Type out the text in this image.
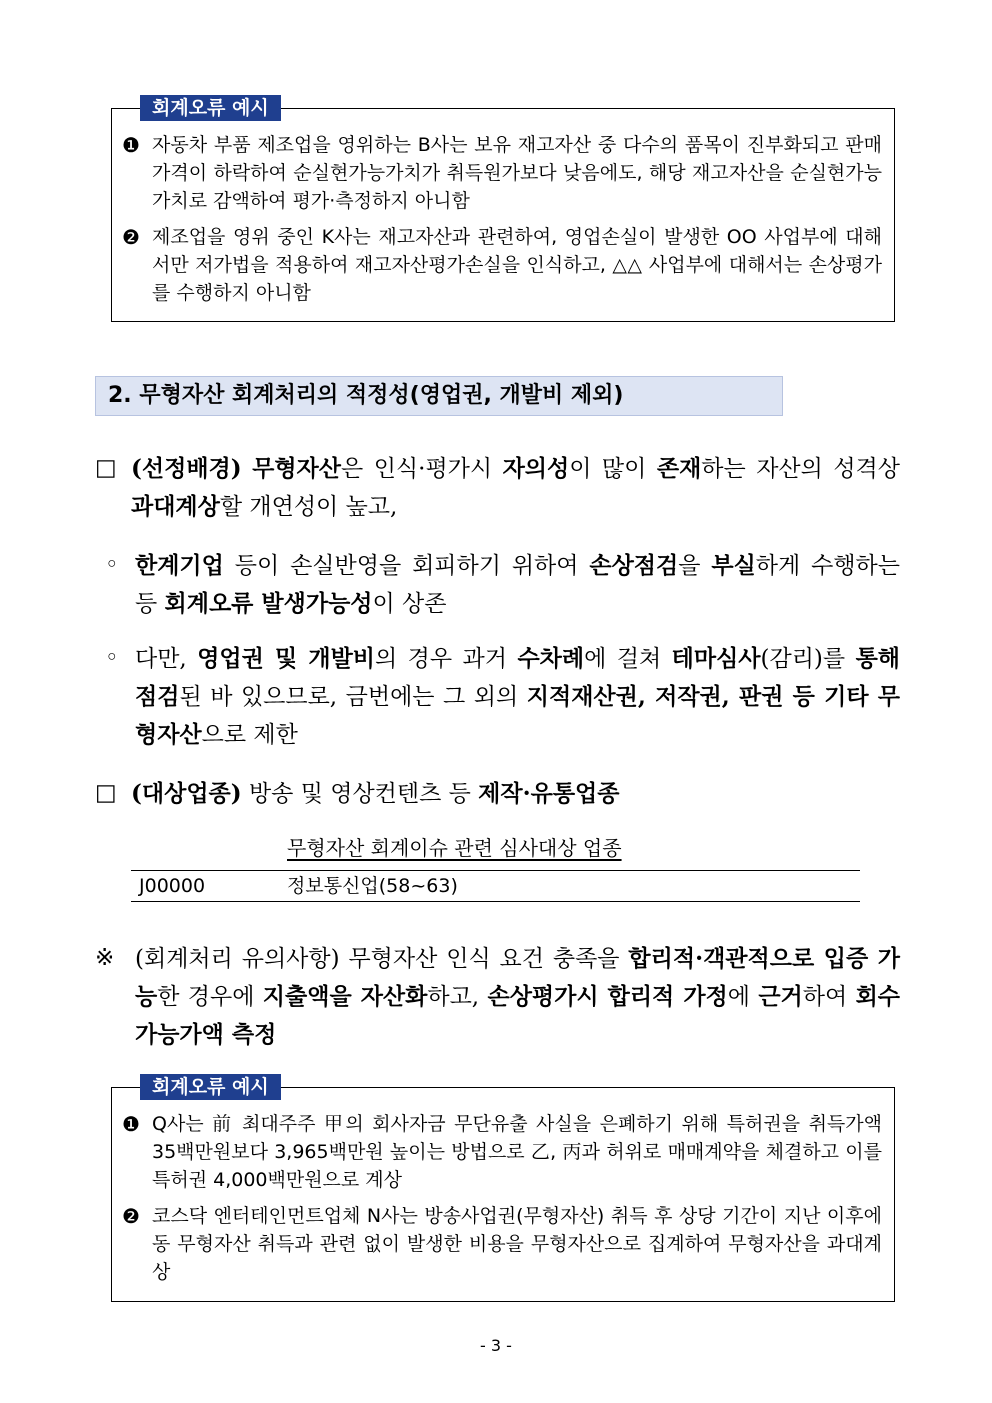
회계오류 예시
❶ 자동차 부품 제조업을 영위하는 B사는 보유 재고자산 중 다수의 품목이 진부화되고 판매가격이 하락하여 순실현가능가치가 취득원가보다 낮음에도, 해당 재고자산을 순실현가능가치로 감액하여 평가·측정하지 아니함
❷ 제조업을 영위 중인 K사는 재고자산과 관련하여, 영업손실이 발생한 OO 사업부에 대해서만 저가법을 적용하여 재고자산평가손실을 인식하고, △△ 사업부에 대해서는 손상평가를 수행하지 아니함
2. 무형자산 회계처리의 적정성(영업권, 개발비 제외)
□ (선정배경) 무형자산은 인식·평가시 자의성이 많이 존재하는 자산의 성격상 과대계상할 개연성이 높고,
◦ 한계기업 등이 손실반영을 회피하기 위하여 손상점검을 부실하게 수행하는 등 회계오류 발생가능성이 상존
◦ 다만, 영업권 및 개발비의 경우 과거 수차례에 걸쳐 테마심사(감리)를 통해 점검된 바 있으므로, 금번에는 그 외의 지적재산권, 저작권, 판권 등 기타 무형자산으로 제한
□ (대상업종) 방송 및 영상컨텐츠 등 제작·유통업종
무형자산 회계이슈 관련 심사대상 업종
J00000	정보통신업(58~63)
※ (회계처리 유의사항) 무형자산 인식 요건 충족을 합리적·객관적으로 입증 가능한 경우에 지출액을 자산화하고, 손상평가시 합리적 가정에 근거하여 회수가능가액 측정
회계오류 예시
❶ Q사는 前 최대주주 甲의 회사자금 무단유출 사실을 은폐하기 위해 특허권을 취득가액 35백만원보다 3,965백만원 높이는 방법으로 乙, 丙과 허위로 매매계약을 체결하고 이를 특허권 4,000백만원으로 계상
❷ 코스닥 엔터테인먼트업체 N사는 방송사업권(무형자산) 취득 후 상당 기간이 지난 이후에 동 무형자산 취득과 관련 없이 발생한 비용을 무형자산으로 집계하여 무형자산을 과대계상
- 3 -
